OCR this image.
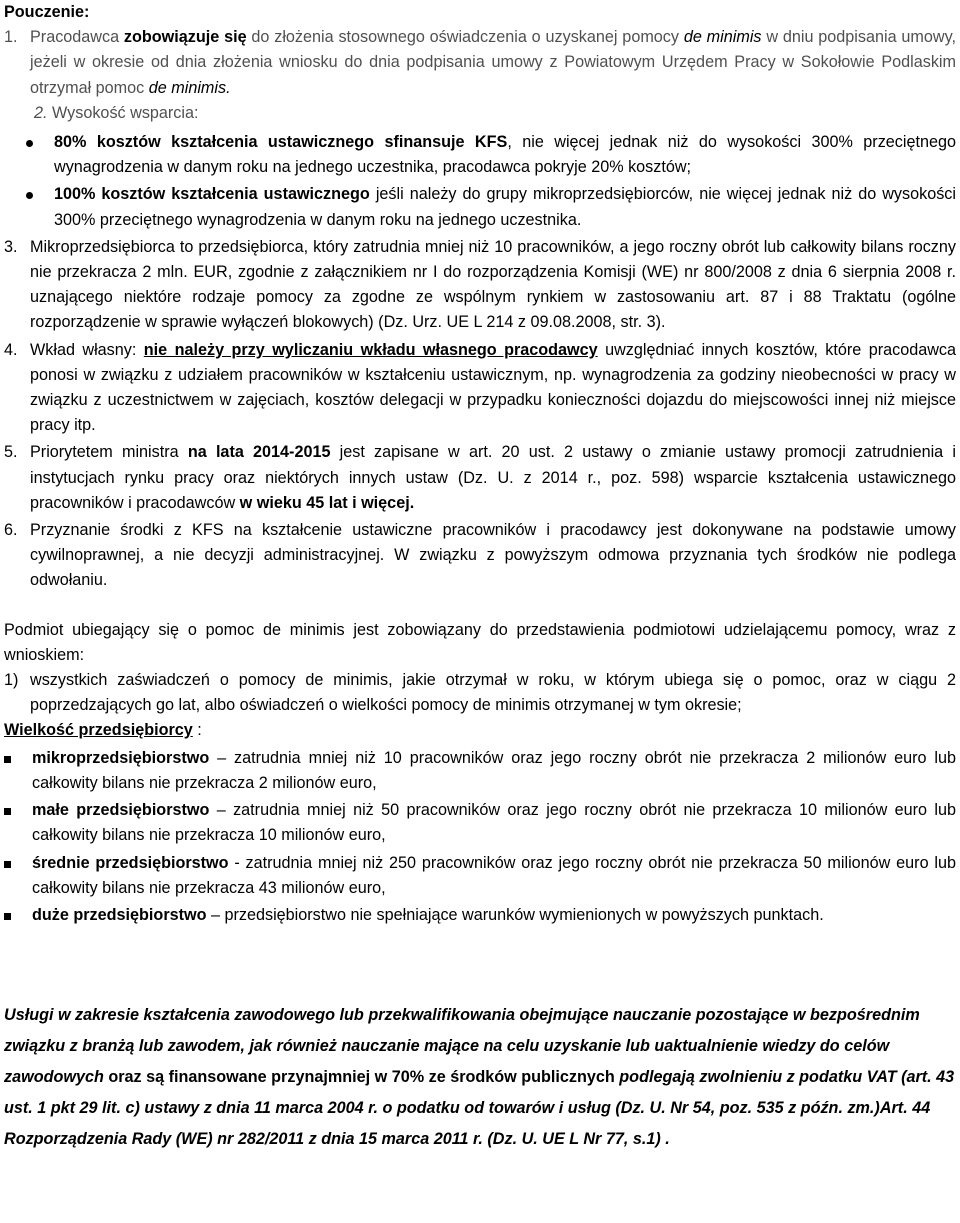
Pouczenie:

1. Pracodawca zobowiązuje się do złożenia stosownego oświadczenia o uzyskanej pomocy de minimis w dniu podpisania umowy, jeżeli w okresie od dnia złożenia wniosku do dnia podpisania umowy z Powiatowym Urzędem Pracy w Sokołowie Podlaskim otrzymał pomoc de minimis.
2. Wysokość wsparcia:
80% kosztów kształcenia ustawicznego sfinansuje KFS, nie więcej jednak niż do wysokości 300% przeciętnego wynagrodzenia w danym roku na jednego uczestnika, pracodawca pokryje 20% kosztów;
100% kosztów kształcenia ustawicznego jeśli należy do grupy mikroprzedsiębiorców, nie więcej jednak niż do wysokości 300% przeciętnego wynagrodzenia w danym roku na jednego uczestnika.
3. Mikroprzedsiębiorca to przedsiębiorca, który zatrudnia mniej niż 10 pracowników, a jego roczny obrót lub całkowity bilans roczny nie przekracza 2 mln. EUR, zgodnie z załącznikiem nr I do rozporządzenia Komisji (WE) nr 800/2008 z dnia 6 sierpnia 2008 r. uznającego niektóre rodzaje pomocy za zgodne ze wspólnym rynkiem w zastosowaniu art. 87 i 88 Traktatu (ogólne rozporządzenie w sprawie wyłączeń blokowych) (Dz. Urz. UE L 214 z 09.08.2008, str. 3).
4. Wkład własny: nie należy przy wyliczaniu wkładu własnego pracodawcy uwzględniać innych kosztów, które pracodawca ponosi w związku z udziałem pracowników w kształceniu ustawicznym, np. wynagrodzenia za godziny nieobecności w pracy w związku z uczestnictwem w zajęciach, kosztów delegacji w przypadku konieczności dojazdu do miejscowości innej niż miejsce pracy itp.
5. Priorytetem ministra na lata 2014-2015 jest zapisane w art. 20 ust. 2 ustawy o zmianie ustawy promocji zatrudnienia i instytucjach rynku pracy oraz niektórych innych ustaw (Dz. U. z 2014 r., poz. 598) wsparcie kształcenia ustawicznego pracowników i pracodawców w wieku 45 lat i więcej.
6. Przyznanie środki z KFS na kształcenie ustawiczne pracowników i pracodawcy jest dokonywane na podstawie umowy cywilnoprawnej, a nie decyzji administracyjnej. W związku z powyższym odmowa przyznania tych środków nie podlega odwołaniu.

Podmiot ubiegający się o pomoc de minimis jest zobowiązany do przedstawienia podmiotowi udzielającemu pomocy, wraz z wnioskiem:

1) wszystkich zaświadczeń o pomocy de minimis, jakie otrzymał w roku, w którym ubiega się o pomoc, oraz w ciągu 2 poprzedzających go lat, albo oświadczeń o wielkości pomocy de minimis otrzymanej w tym okresie;

Wielkość przedsiębiorcy :

mikroprzedsiębiorstwo – zatrudnia mniej niż 10 pracowników oraz jego roczny obrót nie przekracza 2 milionów euro lub całkowity bilans nie przekracza 2 milionów euro,
małe przedsiębiorstwo – zatrudnia mniej niż 50 pracowników oraz jego roczny obrót nie przekracza 10 milionów euro lub całkowity bilans nie przekracza 10 milionów euro,
średnie przedsiębiorstwo - zatrudnia mniej niż 250 pracowników oraz jego roczny obrót nie przekracza 50 milionów euro lub całkowity bilans nie przekracza 43 milionów euro,
duże przedsiębiorstwo – przedsiębiorstwo nie spełniające warunków wymienionych w powyższych punktach.

Usługi w zakresie kształcenia zawodowego lub przekwalifikowania obejmujące nauczanie pozostające w bezpośrednim związku z branżą lub zawodem, jak również nauczanie mające na celu uzyskanie lub uaktualnienie wiedzy do celów zawodowych oraz są finansowane przynajmniej w 70% ze środków publicznych podlegają zwolnieniu z podatku VAT (art. 43 ust. 1 pkt 29 lit. c) ustawy z dnia 11 marca 2004 r. o podatku od towarów i usług (Dz. U. Nr 54, poz. 535 z późn. zm.)Art. 44 Rozporządzenia Rady (WE) nr 282/2011 z dnia 15 marca 2011 r. (Dz. U. UE L Nr 77, s.1) .
